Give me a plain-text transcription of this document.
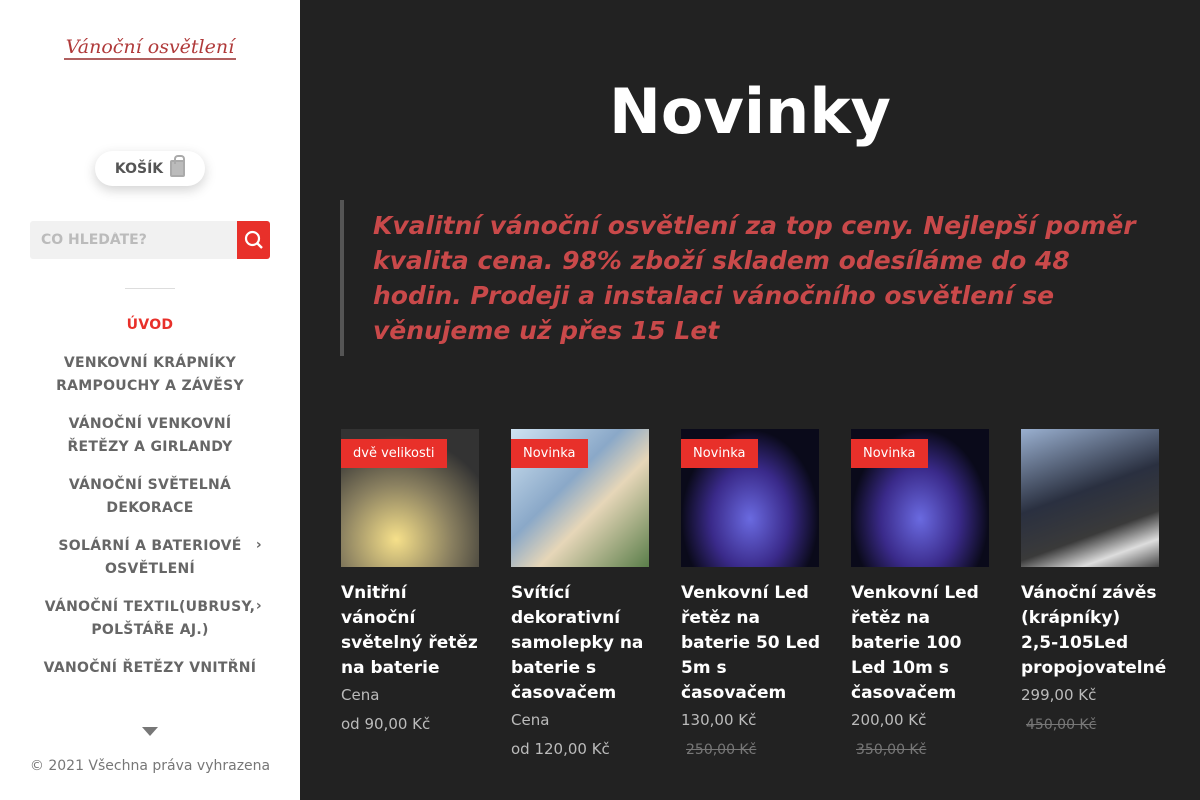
Vánoční osvětlení
KOŠÍK
CO HLEDÁTE?
ÚVOD
VENKOVNÍ KRÁPNÍKY RAMPOUCHY A ZÁVĚSY
VÁNOČNÍ VENKOVNÍ ŘETĚZY A GIRLANDY
VÁNOČNÍ SVĚTELNÁ DEKORACE
SOLÁRNÍ A BATERIOVÉ OSVĚTLENÍ
›
VÁNOČNÍ TEXTIL(UBRUSY, POLŠTÁŘE AJ.)
›
VANOČNÍ ŘETĚZY VNITŘNÍ
© 2021 Všechna práva vyhrazena
Novinky
Kvalitní vánoční osvětlení za top ceny. Nejlepší poměr kvalita cena. 98% zboží skladem odesíláme do 48 hodin. Prodeji a instalaci vánočního osvětlení se věnujeme už přes 15 Let
dvě velikosti
Vnitřní vánoční světelný řetěz na baterie
Cena
od 90,00 Kč
Novinka
Svítící dekorativní samolepky na baterie s časovačem
Cena
od 120,00 Kč
Novinka
Venkovní Led řetěz na baterie 50 Led 5m s časovačem
130,00 Kč
250,00 Kč
Novinka
Venkovní Led řetěz na baterie 100 Led 10m s časovačem
200,00 Kč
350,00 Kč
Vánoční závěs (krápníky) 2,5-105Led propojovatelné
299,00 Kč
450,00 Kč
